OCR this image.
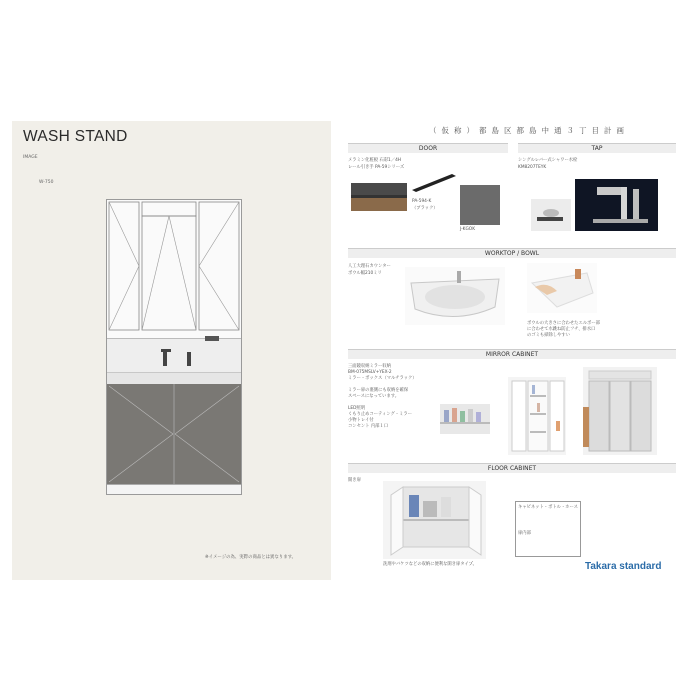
WASH STAND
IMAGE
W-750
※イメージの為、実際の商品とは異なります。
（仮称）都島区都島中通３丁目計画
DOOR
メラミン化粧板 石彩1／4H
レール引き手 PA-59シリーズ
PA-594-K
（ブラック）
J-KGOK
TAP
シングルレバー式シャワー水栓
KM8207TEYK
WORKTOP / BOWL
人工大理石カウンター
ボウル幅210ミリ
ボウルの大きさに合わせたエルボー部
に合わせて水跳ね防止フチ、排水口
のゴミも掃除しやすい
MIRROR CABINET
三面鏡収納ミラー収納
BM-075MSLV+YEX-2
ミラー・ボックス（マルチラック）
ミラー扉の裏側にも収納を確保
スペースになっています。
LED照明
くもり止めコーティング・ミラー
小物トレイ付
コンセント 内部１口
FLOOR CABINET
開き扉
洗剤やバケツなどの収納に便利な開き扉タイプ。
キャビネット・ボトル・ホース
扉内部
Takara standard
